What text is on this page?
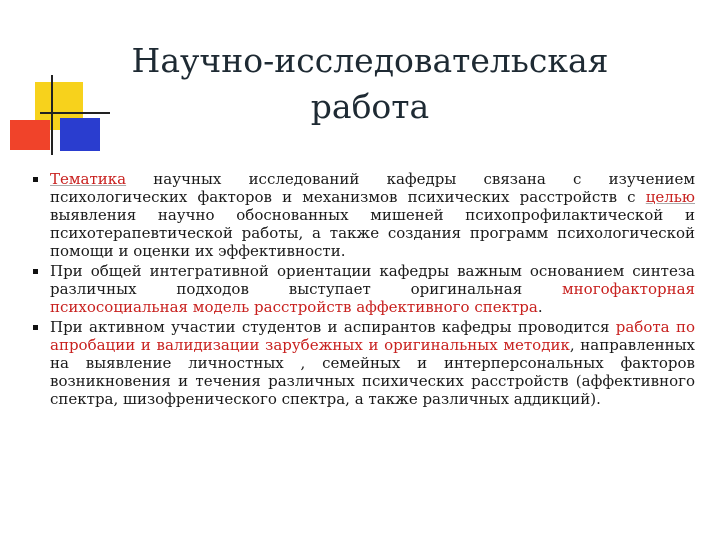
Научно-исследовательская
работа
Тематика научных исследований кафедры связана с изучением психологических факторов и механизмов психических расстройств с целью выявления научно обоснованных мишеней психопрофилактической и психотерапевтической работы, а также создания программ психологической помощи и оценки их эффективности.
При общей интегративной ориентации кафедры важным основанием синтеза различных подходов выступает оригинальная многофакторная психосоциальная модель расстройств аффективного спектра.
При активном участии студентов и аспирантов кафедры проводится работа по апробации и валидизации зарубежных и оригинальных методик, направленных на выявление личностных , семейных и интерперсональных факторов возникновения и течения различных психических расстройств (аффективного спектра, шизофренического спектра, а также различных аддикций).
